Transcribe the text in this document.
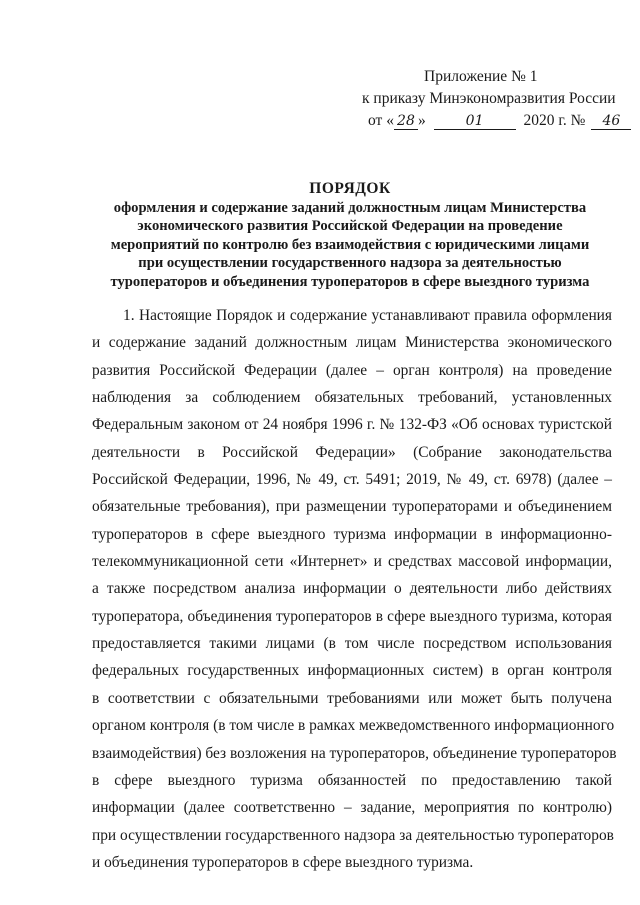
Приложение № 1
к приказу Минэкономразвития России
от « 28 »	01	2020 г. № 46
ПОРЯДОК
оформления и содержание заданий должностным лицам Министерства
экономического развития Российской Федерации на проведение
мероприятий по контролю без взаимодействия с юридическими лицами
при осуществлении государственного надзора за деятельностью
туроператоров и объединения туроператоров в сфере выездного туризма
1. Настоящие Порядок и содержание устанавливают правила оформления
и содержание заданий должностным лицам Министерства экономического
развития Российской Федерации (далее – орган контроля) на проведение
наблюдения за соблюдением обязательных требований, установленных
Федеральным законом от 24 ноября 1996 г. № 132-ФЗ «Об основах туристской
деятельности в Российской Федерации» (Собрание законодательства
Российской Федерации, 1996, № 49, ст. 5491; 2019, № 49, ст. 6978) (далее –
обязательные требования), при размещении туроператорами и объединением
туроператоров в сфере выездного туризма информации в информационно-
телекоммуникационной сети «Интернет» и средствах массовой информации,
а также посредством анализа информации о деятельности либо действиях
туроператора, объединения туроператоров в сфере выездного туризма, которая
предоставляется такими лицами (в том числе посредством использования
федеральных государственных информационных систем) в орган контроля
в соответствии с обязательными требованиями или может быть получена
органом контроля (в том числе в рамках межведомственного информационного
взаимодействия) без возложения на туроператоров, объединение туроператоров
в сфере выездного туризма обязанностей по предоставлению такой
информации (далее соответственно – задание, мероприятия по контролю)
при осуществлении государственного надзора за деятельностью туроператоров
и объединения туроператоров в сфере выездного туризма.
